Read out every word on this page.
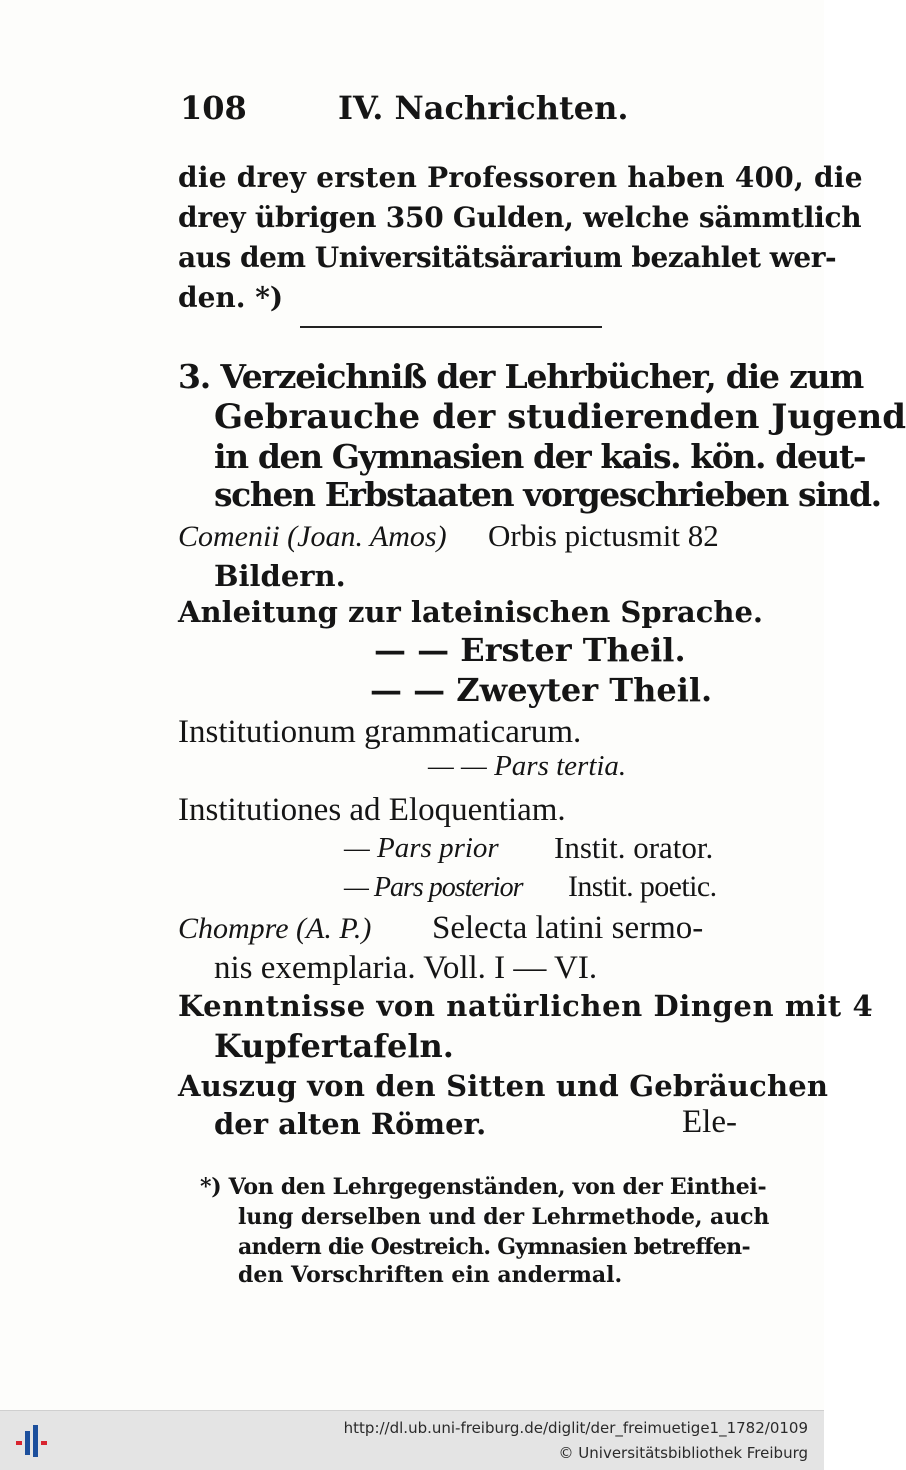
108	IV. Nachrichten.
die drey ersten Professoren haben 400, die
drey übrigen 350 Gulden, welche sämmtlich
aus dem Universitätsärarium bezahlet wer-
den. *)
3. Verzeichniß der Lehrbücher, die zum
Gebrauche der studierenden Jugend
in den Gymnasien der kais. kön. deut-
schen Erbstaaten vorgeschrieben sind.
Comenii (Joan. Amos) Orbis pictusmit 82
Bildern.
Anleitung zur lateinischen Sprache.
— — Erster Theil.
— — Zweyter Theil.
Institutionum grammaticarum.
— — Pars tertia.
Institutiones ad Eloquentiam.
— Pars prior Instit. orator.
— Pars posterior Instit. poetic.
Chompre (A. P.) Selecta latini sermo-
nis exemplaria. Voll. I — VI.
Kenntnisse von natürlichen Dingen mit 4
Kupfertafeln.
Auszug von den Sitten und Gebräuchen
der alten Römer.	Ele-
*) Von den Lehrgegenständen, von der Einthei-
lung derselben und der Lehrmethode, auch
andern die Oestreich. Gymnasien betreffen-
den Vorschriften ein andermal.
http://dl.ub.uni-freiburg.de/diglit/der_freimuetige1_1782/0109
© Universitätsbibliothek Freiburg
